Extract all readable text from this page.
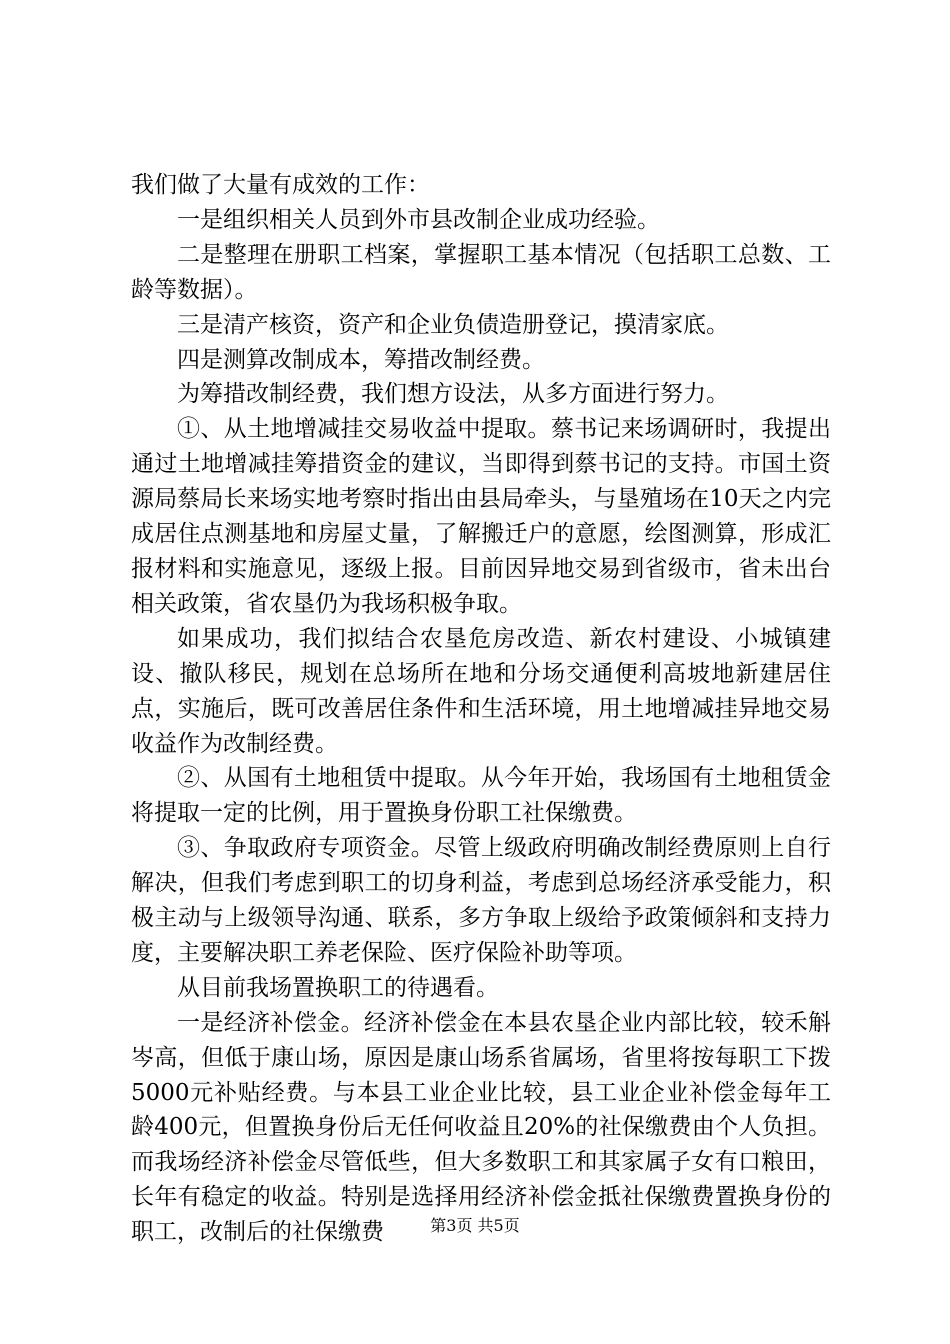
我们做了大量有成效的工作：

一是组织相关人员到外市县改制企业成功经验。

二是整理在册职工档案，掌握职工基本情况（包括职工总数、工龄等数据）。

三是清产核资，资产和企业负债造册登记，摸清家底。

四是测算改制成本，筹措改制经费。

为筹措改制经费，我们想方设法，从多方面进行努力。

①、从土地增减挂交易收益中提取。蔡书记来场调研时，我提出通过土地增减挂筹措资金的建议，当即得到蔡书记的支持。市国土资源局蔡局长来场实地考察时指出由县局牵头，与垦殖场在10天之内完成居住点测基地和房屋丈量，了解搬迁户的意愿，绘图测算，形成汇报材料和实施意见，逐级上报。目前因异地交易到省级市，省未出台相关政策，省农垦仍为我场积极争取。

如果成功，我们拟结合农垦危房改造、新农村建设、小城镇建设、撤队移民，规划在总场所在地和分场交通便利高坡地新建居住点，实施后，既可改善居住条件和生活环境，用土地增减挂异地交易收益作为改制经费。

②、从国有土地租赁中提取。从今年开始，我场国有土地租赁金将提取一定的比例，用于置换身份职工社保缴费。

③、争取政府专项资金。尽管上级政府明确改制经费原则上自行解决，但我们考虑到职工的切身利益，考虑到总场经济承受能力，积极主动与上级领导沟通、联系，多方争取上级给予政策倾斜和支持力度，主要解决职工养老保险、医疗保险补助等项。

从目前我场置换职工的待遇看。

一是经济补偿金。经济补偿金在本县农垦企业内部比较，较禾斛岑高，但低于康山场，原因是康山场系省属场，省里将按每职工下拨5000元补贴经费。与本县工业企业比较，县工业企业补偿金每年工龄400元，但置换身份后无任何收益且20%的社保缴费由个人负担。而我场经济补偿金尽管低些，但大多数职工和其家属子女有口粮田，长年有稳定的收益。特别是选择用经济补偿金抵社保缴费置换身份的职工，改制后的社保缴费	第3页 共5页
